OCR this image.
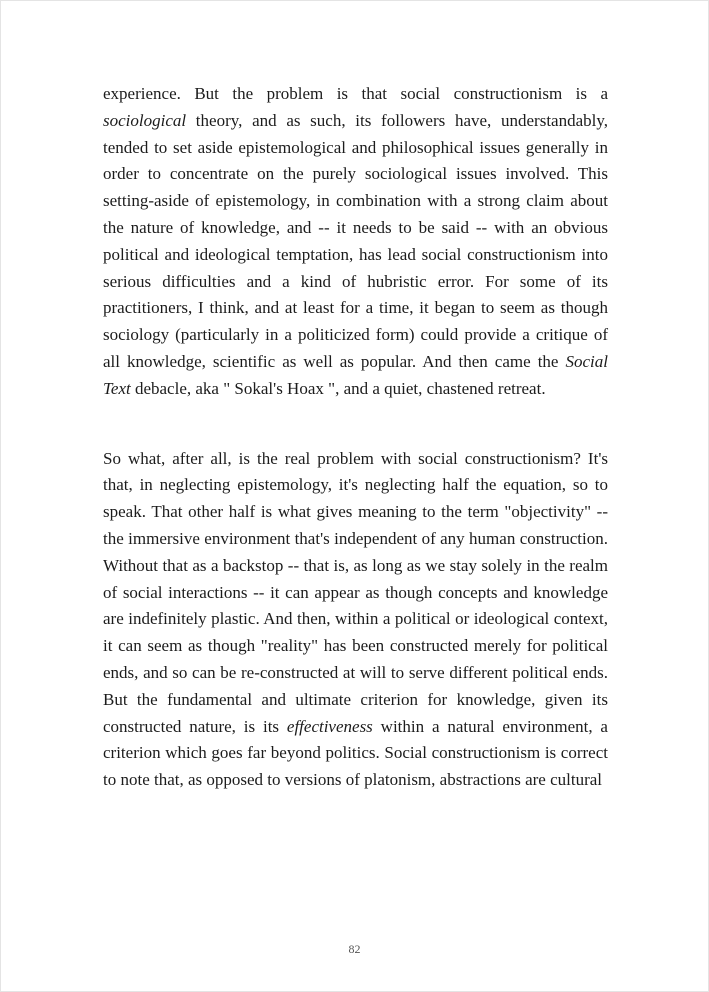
experience. But the problem is that social constructionism is a sociological theory, and as such, its followers have, understandably, tended to set aside epistemological and philosophical issues generally in order to concentrate on the purely sociological issues involved. This setting-aside of epistemology, in combination with a strong claim about the nature of knowledge, and -- it needs to be said -- with an obvious political and ideological temptation, has lead social constructionism into serious difficulties and a kind of hubristic error. For some of its practitioners, I think, and at least for a time, it began to seem as though sociology (particularly in a politicized form) could provide a critique of all knowledge, scientific as well as popular. And then came the Social Text debacle, aka " Sokal's Hoax ", and a quiet, chastened retreat.

So what, after all, is the real problem with social constructionism? It's that, in neglecting epistemology, it's neglecting half the equation, so to speak. That other half is what gives meaning to the term "objectivity" -- the immersive environment that's independent of any human construction. Without that as a backstop -- that is, as long as we stay solely in the realm of social interactions -- it can appear as though concepts and knowledge are indefinitely plastic. And then, within a political or ideological context, it can seem as though "reality" has been constructed merely for political ends, and so can be re-constructed at will to serve different political ends. But the fundamental and ultimate criterion for knowledge, given its constructed nature, is its effectiveness within a natural environment, a criterion which goes far beyond politics. Social constructionism is correct to note that, as opposed to versions of platonism, abstractions are cultural

82
